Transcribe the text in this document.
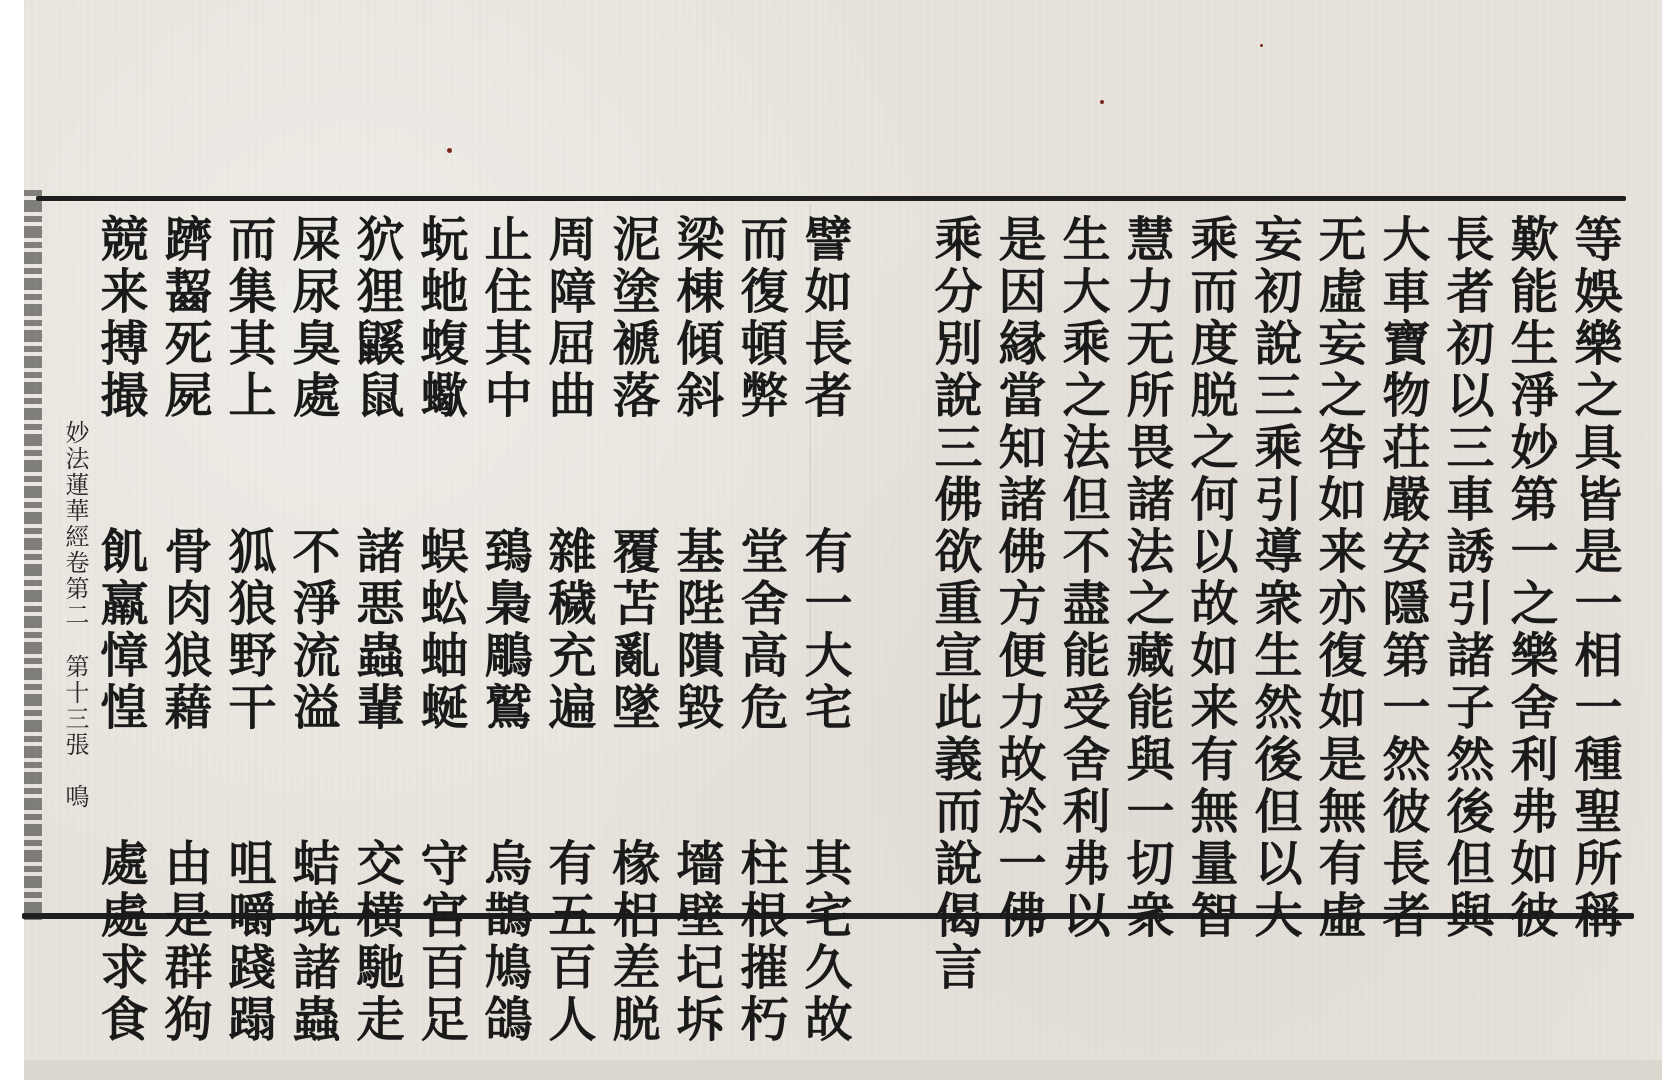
等娛樂之具皆是一相一種聖所稱
歎能生淨妙第一之樂舍利弗如彼
長者初以三車誘引諸子然後但與
大車寶物荘嚴安隱第一然彼長者
无虛妄之咎如来亦復如是無有虛
妄初說三乘引導衆生然後但以大
乘而度脱之何以故如来有無量智
慧力无所畏諸法之藏能與一切衆
生大乘之法但不盡能受舍利弗以
是因縁當知諸佛方便力故於一佛
乘分別說三佛欲重宣此義而說偈言
譬如長者　　有一大宅　　其宅久故
而復頓弊　　堂舍高危　　柱根摧朽
梁棟傾斜　　基陛隤毀　　墻壁圮坼
泥塗褫落　　覆苫亂墜　　椽梠差脱
周障屈曲　　雜穢充遍　　有五百人
止住其中　　鵄梟鵰鷲　　烏鵲鳩鴿
蚖虵蝮蠍　　蜈蚣蚰蜒　　守宮百足
狖狸鼷鼠　　諸悪蟲輩　　交横馳走
屎尿臭處　　不淨流溢　　蛣蜣諸蟲
而集其上　　狐狼野干　　咀嚼踐蹋
躋齧死屍　　骨肉狼藉　　由是群狗
競来搏撮　　飢羸慞惶　　處處求食
妙法蓮華經卷第二　第十三張　鳴
